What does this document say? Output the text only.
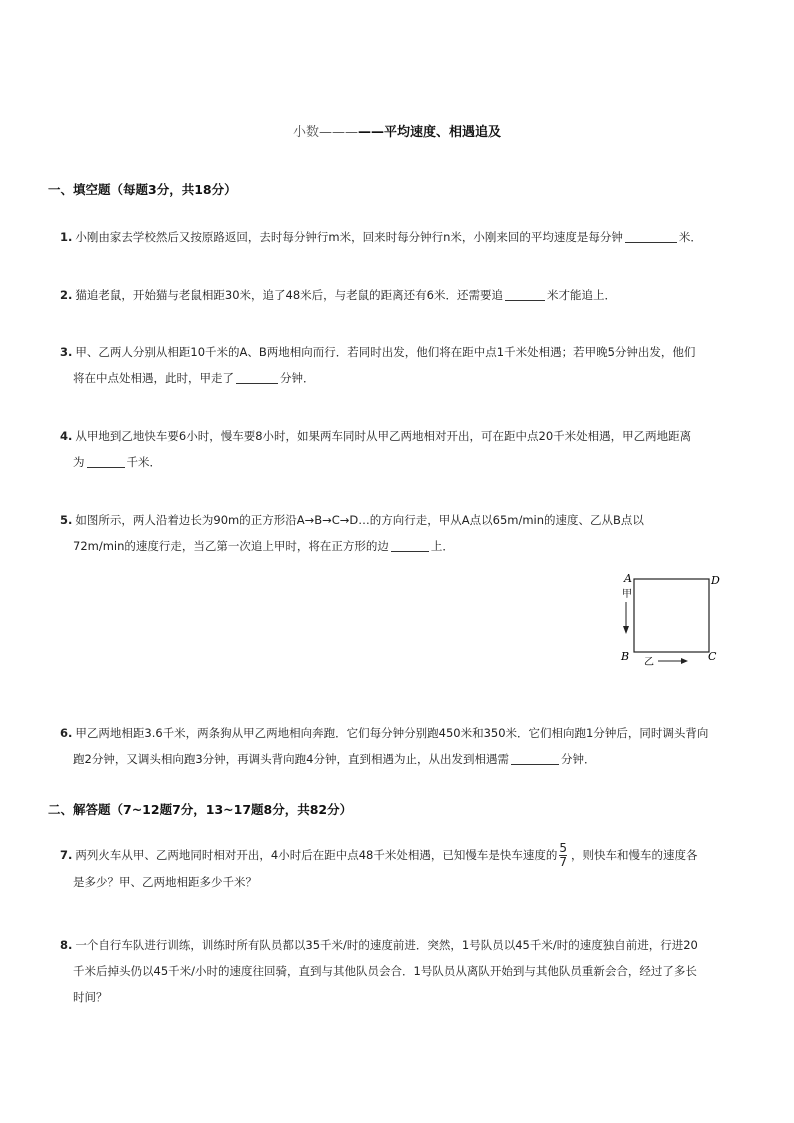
小数—————平均速度、相遇追及
一、填空题（每题3分，共18分）
1. 小刚由家去学校然后又按原路返回，去时每分钟行m米，回来时每分钟行n米，小刚来回的平均速度是每分钟	米．
2. 猫追老鼠，开始猫与老鼠相距30米，追了48米后，与老鼠的距离还有6米．还需要追	米才能追上．
3. 甲、乙两人分别从相距10千米的A、B两地相向而行．若同时出发，他们将在距中点1千米处相遇；若甲晚5分钟出发，他们
将在中点处相遇，此时，甲走了	分钟．
4. 从甲地到乙地快车要6小时，慢车要8小时，如果两车同时从甲乙两地相对开出，可在距中点20千米处相遇，甲乙两地距离
为	千米．
5. 如图所示，两人沿着边长为90m的正方形沿A→B→C→D…的方向行走，甲从A点以65m/min的速度、乙从B点以
72m/min的速度行走，当乙第一次追上甲时，将在正方形的边	上．
A	D
B	C
甲
乙
6. 甲乙两地相距3.6千米，两条狗从甲乙两地相向奔跑．它们每分钟分别跑450米和350米．它们相向跑1分钟后，同时调头背向
跑2分钟，又调头相向跑3分钟，再调头背向跑4分钟，直到相遇为止，从出发到相遇需	分钟．
二、解答题（7~12题7分，13~17题8分，共82分）
7. 两列火车从甲、乙两地同时相对开出，4小时后在距中点48千米处相遇，已知慢车是快车速度的 $\frac{5}{7}$ ，则快车和慢车的速度各
是多少？甲、乙两地相距多少千米？
8. 一个自行车队进行训练，训练时所有队员都以35千米/时的速度前进．突然，1号队员以45千米/时的速度独自前进，行进20
千米后掉头仍以45千米/小时的速度往回骑，直到与其他队员会合．1号队员从离队开始到与其他队员重新会合，经过了多长
时间？
